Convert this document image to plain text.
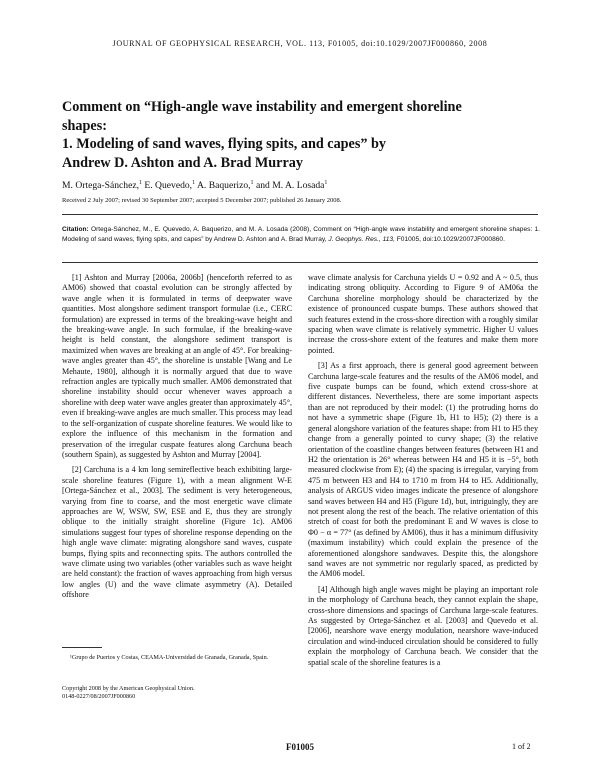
JOURNAL OF GEOPHYSICAL RESEARCH, VOL. 113, F01005, doi:10.1029/2007JF000860, 2008
Comment on “High-angle wave instability and emergent shoreline
shapes:
1. Modeling of sand waves, flying spits, and capes” by
Andrew D. Ashton and A. Brad Murray
M. Ortega-Sánchez,$^1$ E. Quevedo,$^1$ A. Baquerizo,$^1$ and M. A. Losada$^1$
Received 2 July 2007; revised 30 September 2007; accepted 5 December 2007; published 26 January 2008.
Citation: Ortega-Sánchez, M., E. Quevedo, A. Baquerizo, and M. A. Losada (2008), Comment on “High-angle wave instability and emergent shoreline shapes: 1. Modeling of sand waves, flying spits, and capes” by Andrew D. Ashton and A. Brad Murray, J. Geophys. Res., 113, F01005, doi:10.1029/2007JF000860.

[1] Ashton and Murray [2006a, 2006b] (henceforth referred to as AM06) showed that coastal evolution can be strongly affected by wave angle when it is formulated in terms of deepwater wave quantities. Most alongshore sediment transport formulae (i.e., CERC formulation) are expressed in terms of the breaking-wave height and the breaking-wave angle. In such formulae, if the breaking-wave height is held constant, the alongshore sediment transport is maximized when waves are breaking at an angle of 45°. For breaking-wave angles greater than 45°, the shoreline is unstable [Wang and Le Mehaute, 1980], although it is normally argued that due to wave refraction angles are typically much smaller. AM06 demonstrated that shoreline instability should occur whenever waves approach a shoreline with deep water wave angles greater than approximately 45°, even if breaking-wave angles are much smaller. This process may lead to the self-organization of cuspate shoreline features. We would like to explore the influence of this mechanism in the formation and preservation of the irregular cuspate features along Carchuna beach (southern Spain), as suggested by Ashton and Murray [2004].

[2] Carchuna is a 4 km long semireflective beach exhibiting large-scale shoreline features (Figure 1), with a mean alignment W-E [Ortega-Sánchez et al., 2003]. The sediment is very heterogeneous, varying from fine to coarse, and the most energetic wave climate approaches are W, WSW, SW, ESE and E, thus they are strongly oblique to the initially straight shoreline (Figure 1c). AM06 simulations suggest four types of shoreline response depending on the high angle wave climate: migrating alongshore sand waves, cuspate bumps, flying spits and reconnecting spits. The authors controlled the wave climate using two variables (other variables such as wave height are held constant): the fraction of waves approaching from high versus low angles (U) and the wave climate asymmetry (A). Detailed offshore

wave climate analysis for Carchuna yields U = 0.92 and A ~ 0.5, thus indicating strong obliquity. According to Figure 9 of AM06a the Carchuna shoreline morphology should be characterized by the existence of pronounced cuspate bumps. These authors showed that such features extend in the cross-shore direction with a roughly similar spacing when wave climate is relatively symmetric. Higher U values increase the cross-shore extent of the features and make them more pointed.

[3] As a first approach, there is general good agreement between Carchuna large-scale features and the results of the AM06 model, and five cuspate bumps can be found, which extend cross-shore at different distances. Nevertheless, there are some important aspects than are not reproduced by their model: (1) the protruding horns do not have a symmetric shape (Figure 1b, H1 to H5); (2) there is a general alongshore variation of the features shape: from H1 to H5 they change from a generally pointed to curvy shape; (3) the relative orientation of the coastline changes between features (between H1 and H2 the orientation is 26° whereas between H4 and H5 it is −5°, both measured clockwise from E); (4) the spacing is irregular, varying from 475 m between H3 and H4 to 1710 m from H4 to H5. Additionally, analysis of ARGUS video images indicate the presence of alongshore sand waves between H4 and H5 (Figure 1d), but, intriguingly, they are not present along the rest of the beach. The relative orientation of this stretch of coast for both the predominant E and W waves is close to Φ0 − α = 77° (as defined by AM06), thus it has a minimum diffusivity (maximum instability) which could explain the presence of the aforementioned alongshore sandwaves. Despite this, the alongshore sand waves are not symmetric nor regularly spaced, as predicted by the AM06 model.

[4] Although high angle waves might be playing an important role in the morphology of Carchuna beach, they cannot explain the shape, cross-shore dimensions and spacings of Carchuna large-scale features. As suggested by Ortega-Sánchez et al. [2003] and Quevedo et al. [2006], nearshore wave energy modulation, nearshore wave-induced circulation and wind-induced circulation should be considered to fully explain the morphology of Carchuna beach. We consider that the spatial scale of the shoreline features is a

¹Grupo de Puertos y Costas, CEAMA-Universidad de Granada, Granada, Spain.
Copyright 2008 by the American Geophysical Union.
0148-0227/08/2007JF000860
F01005	1 of 2
